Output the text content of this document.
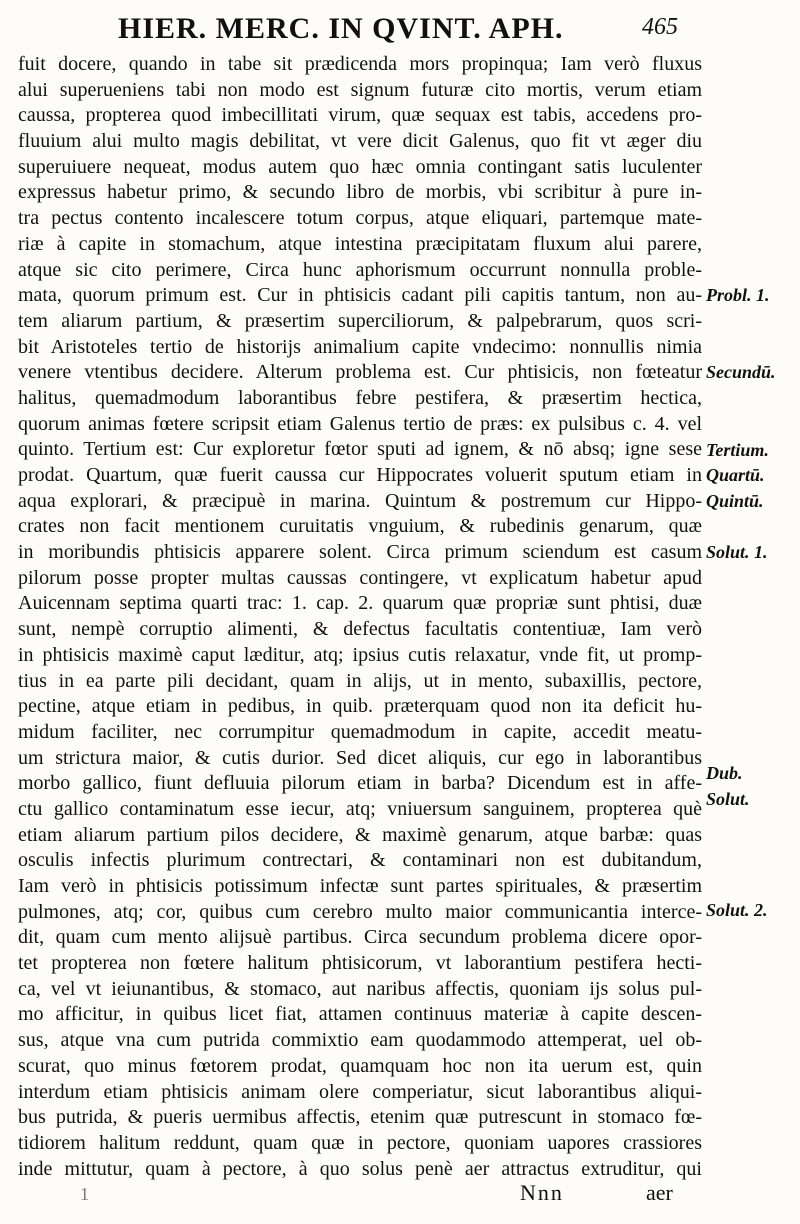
HIER. MERC. IN QVINT. APH.	465
fuit docere, quando in tabe sit prædicenda mors propinqua; Iam verò fluxus
alui superueniens tabi non modo est signum futuræ cito mortis, verum etiam
caussa, propterea quod imbecillitati virum, quæ sequax est tabis, accedens pro-
fluuium alui multo magis debilitat, vt vere dicit Galenus, quo fit vt æger diu
superuiuere nequeat, modus autem quo hæc omnia contingant satis luculenter
expressus habetur primo, & secundo libro de morbis, vbi scribitur à pure in-
tra pectus contento incalescere totum corpus, atque eliquari, partemque mate-
riæ à capite in stomachum, atque intestina præcipitatam fluxum alui parere,
atque sic cito perimere, Circa hunc aphorismum occurrunt nonnulla proble-
mata, quorum primum est. Cur in phtisicis cadant pili capitis tantum, non au-
tem aliarum partium, & præsertim superciliorum, & palpebrarum, quos scri-
bit Aristoteles tertio de historijs animalium capite vndecimo: nonnullis nimia
venere vtentibus decidere. Alterum problema est. Cur phtisicis, non fœteatur
halitus, quemadmodum laborantibus febre pestifera, & præsertim hectica,
quorum animas fœtere scripsit etiam Galenus tertio de præs: ex pulsibus c. 4. vel
quinto. Tertium est: Cur exploretur fœtor sputi ad ignem, & nō absq; igne sese
prodat. Quartum, quæ fuerit caussa cur Hippocrates voluerit sputum etiam in
aqua explorari, & præcipuè in marina. Quintum & postremum cur Hippo-
crates non facit mentionem curuitatis vnguium, & rubedinis genarum, quæ
in moribundis phtisicis apparere solent. Circa primum sciendum est casum
pilorum posse propter multas caussas contingere, vt explicatum habetur apud
Auicennam septima quarti trac: 1. cap. 2. quarum quæ propriæ sunt phtisi, duæ
sunt, nempè corruptio alimenti, & defectus facultatis contentiuæ, Iam verò
in phtisicis maximè caput læditur, atq; ipsius cutis relaxatur, vnde fit, ut promp-
tius in ea parte pili decidant, quam in alijs, ut in mento, subaxillis, pectore,
pectine, atque etiam in pedibus, in quib. præterquam quod non ita deficit hu-
midum faciliter, nec corrumpitur quemadmodum in capite, accedit meatu-
um strictura maior, & cutis durior. Sed dicet aliquis, cur ego in laborantibus
morbo gallico, fiunt defluuia pilorum etiam in barba? Dicendum est in affe-
ctu gallico contaminatum esse iecur, atq; vniuersum sanguinem, propterea què
etiam aliarum partium pilos decidere, & maximè genarum, atque barbæ: quas
osculis infectis plurimum contrectari, & contaminari non est dubitandum,
Iam verò in phtisicis potissimum infectæ sunt partes spirituales, & præsertim
pulmones, atq; cor, quibus cum cerebro multo maior communicantia interce-
dit, quam cum mento alijsuè partibus. Circa secundum problema dicere opor-
tet propterea non fœtere halitum phtisicorum, vt laborantium pestifera hecti-
ca, vel vt ieiunantibus, & stomaco, aut naribus affectis, quoniam ijs solus pul-
mo afficitur, in quibus licet fiat, attamen continuus materiæ à capite descen-
sus, atque vna cum putrida commixtio eam quodammodo attemperat, uel ob-
scurat, quo minus fœtorem prodat, quamquam hoc non ita uerum est, quin
interdum etiam phtisicis animam olere comperiatur, sicut laborantibus aliqui-
bus putrida, & pueris uermibus affectis, etenim quæ putrescunt in stomaco fœ-
tidiorem halitum reddunt, quam quæ in pectore, quoniam uapores crassiores
inde mittutur, quam à pectore, à quo solus penè aer attractus extruditur, qui
Probl. 1.
Secundū.
Tertium.
Quartū.
Quintū.
Solut. 1.
Dub.
Solut.
Solut. 2.
1	Nnn	aer
